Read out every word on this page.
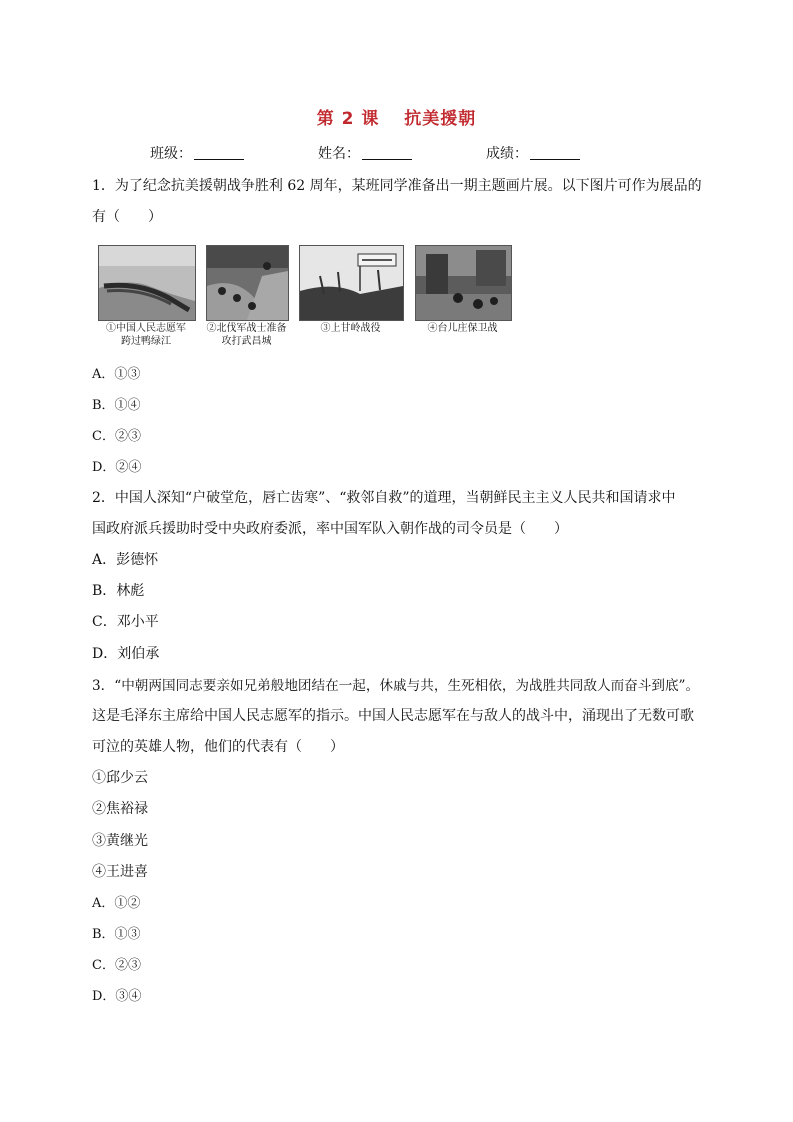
第 2 课　 抗美援朝
班级：	姓名：	成绩：
1．为了纪念抗美援朝战争胜利 62 周年，某班同学准备出一期主题画片展。以下图片可作为展品的
有（　　）
①中国人民志愿军
跨过鸭绿江
②北伐军战士准备
攻打武昌城
③上甘岭战役	④台儿庄保卫战
A．①③
B．①④
C．②③
D．②④
2．中国人深知“户破堂危，唇亡齿寒”、“救邻自救”的道理，当朝鲜民主主义人民共和国请求中
国政府派兵援助时受中央政府委派，率中国军队入朝作战的司令员是（　　）
A．彭德怀
B．林彪
C．邓小平
D．刘伯承
3．“中朝两国同志要亲如兄弟般地团结在一起，休戚与共，生死相依，为战胜共同敌人而奋斗到底”。
这是毛泽东主席给中国人民志愿军的指示。中国人民志愿军在与敌人的战斗中，涌现出了无数可歌
可泣的英雄人物，他们的代表有（　　）
①邱少云
②焦裕禄
③黄继光
④王进喜
A．①②
B．①③
C．②③
D．③④
